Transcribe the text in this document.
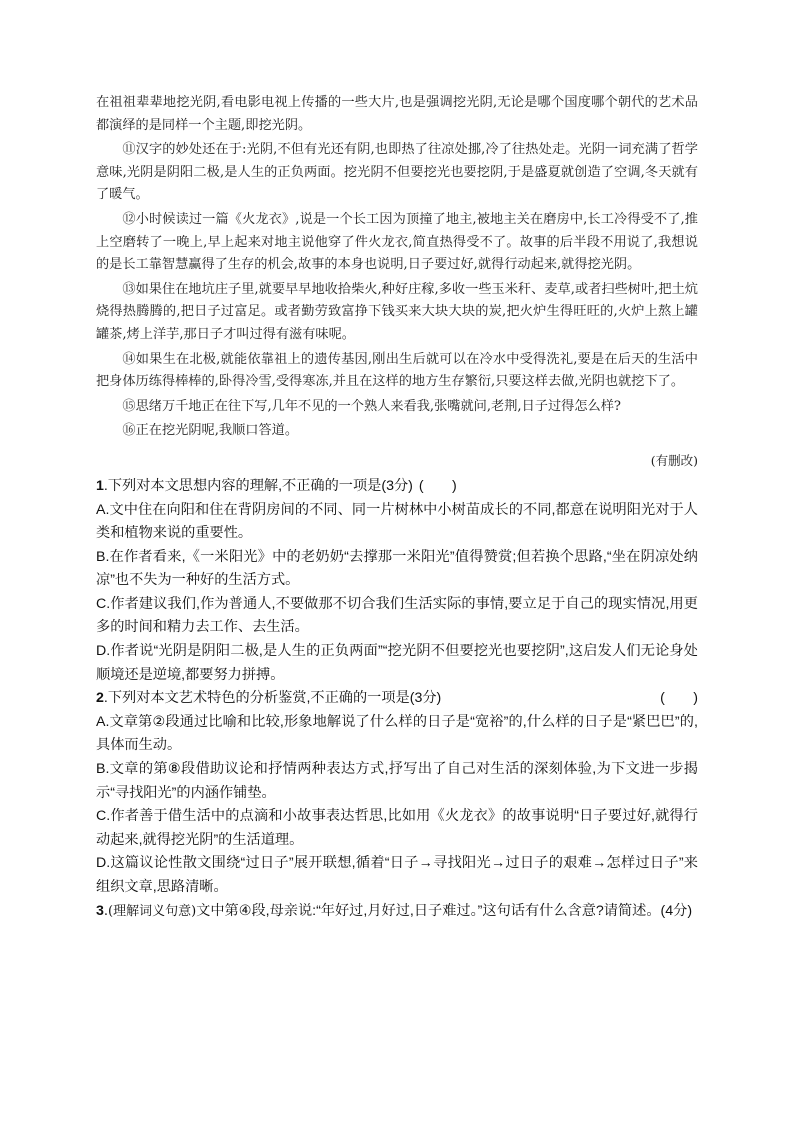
在祖祖辈辈地挖光阴,看电影电视上传播的一些大片,也是强调挖光阴,无论是哪个国度哪个朝代的艺术品都演绎的是同样一个主题,即挖光阴。

⑪汉字的妙处还在于:光阴,不但有光还有阴,也即热了往凉处挪,冷了往热处走。光阴一词充满了哲学意味,光阴是阴阳二极,是人生的正负两面。挖光阴不但要挖光也要挖阴,于是盛夏就创造了空调,冬天就有了暖气。

⑫小时候读过一篇《火龙衣》,说是一个长工因为顶撞了地主,被地主关在磨房中,长工冷得受不了,推上空磨转了一晚上,早上起来对地主说他穿了件火龙衣,简直热得受不了。故事的后半段不用说了,我想说的是长工靠智慧赢得了生存的机会,故事的本身也说明,日子要过好,就得行动起来,就得挖光阴。

⑬如果住在地坑庄子里,就要早早地收拾柴火,种好庄稼,多收一些玉米秆、麦草,或者扫些树叶,把土炕烧得热腾腾的,把日子过富足。或者勤劳致富挣下钱买来大块大块的炭,把火炉生得旺旺的,火炉上熬上罐罐茶,烤上洋芋,那日子才叫过得有滋有味呢。

⑭如果生在北极,就能依靠祖上的遗传基因,刚出生后就可以在冷水中受得洗礼,要是在后天的生活中把身体历练得棒棒的,卧得冷雪,受得寒冻,并且在这样的地方生存繁衍,只要这样去做,光阴也就挖下了。

⑮思绪万千地正在往下写,几年不见的一个熟人来看我,张嘴就问,老荆,日子过得怎么样?

⑯正在挖光阴呢,我顺口答道。

(有删改)
1.下列对本文思想内容的理解,不正确的一项是(3分) (　　)

A.文中住在向阳和住在背阴房间的不同、同一片树林中小树苗成长的不同,都意在说明阳光对于人类和植物来说的重要性。

B.在作者看来,《一米阳光》中的老奶奶“去撑那一米阳光”值得赞赏;但若换个思路,“坐在阴凉处纳凉”也不失为一种好的生活方式。

C.作者建议我们,作为普通人,不要做那不切合我们生活实际的事情,要立足于自己的现实情况,用更多的时间和精力去工作、去生活。

D.作者说“光阴是阴阳二极,是人生的正负两面”“挖光阴不但要挖光也要挖阴”,这启发人们无论身处顺境还是逆境,都要努力拼搏。

2 .下列对本文艺术特色的分析鉴赏,不正确的一项是(3分)	(　　)

A.文章第②段通过比喻和比较,形象地解说了什么样的日子是“宽裕”的,什么样的日子是“紧巴巴”的,具体而生动。

B.文章的第⑧段借助议论和抒情两种表达方式,抒写出了自己对生活的深刻体验,为下文进一步揭示“寻找阳光”的内涵作铺垫。

C.作者善于借生活中的点滴和小故事表达哲思,比如用《火龙衣》的故事说明“日子要过好,就得行动起来,就得挖光阴”的生活道理。

D.这篇议论性散文围绕“过日子”展开联想,循着“日子→寻找阳光→过日子的艰难→怎样过日子”来组织文章,思路清晰。

3.(理解词义句意)文中第④段,母亲说:“年好过,月好过,日子难过。”这句话有什么含意?请简述。(4分)
